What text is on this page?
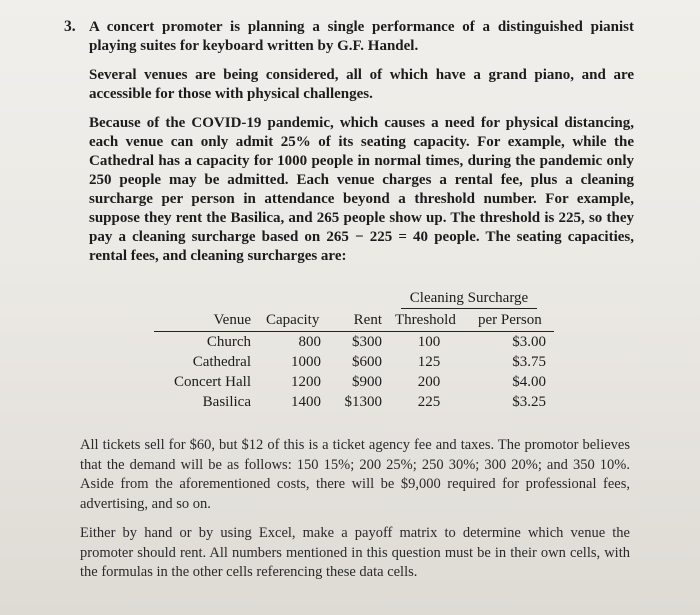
3. A concert promoter is planning a single performance of a distinguished pianist playing suites for keyboard written by G.F. Handel.

Several venues are being considered, all of which have a grand piano, and are accessible for those with physical challenges.

Because of the COVID-19 pandemic, which causes a need for physical distancing, each venue can only admit 25% of its seating capacity. For example, while the Cathedral has a capacity for 1000 people in normal times, during the pandemic only 250 people may be admitted. Each venue charges a rental fee, plus a cleaning surcharge per person in attendance beyond a threshold number. For example, suppose they rent the Basilica, and 265 people show up. The threshold is 225, so they pay a cleaning surcharge based on 265 − 225 = 40 people. The seating capacities, rental fees, and cleaning surcharges are:

Cleaning Surcharge
Venue Capacity Rent Threshold per Person
Church	800 $300	100	$3.00
Cathedral	1000 $600	125	$3.75
Concert Hall	1200 $900	200	$4.00
Basilica	1400 $1300	225	$3.25

All tickets sell for $60, but $12 of this is a ticket agency fee and taxes. The promotor believes that the demand will be as follows: 150 15%; 200 25%; 250 30%; 300 20%; and 350 10%. Aside from the aforementioned costs, there will be $9,000 required for professional fees, advertising, and so on.

Either by hand or by using Excel, make a payoff matrix to determine which venue the promoter should rent. All numbers mentioned in this question must be in their own cells, with the formulas in the other cells referencing these data cells.
